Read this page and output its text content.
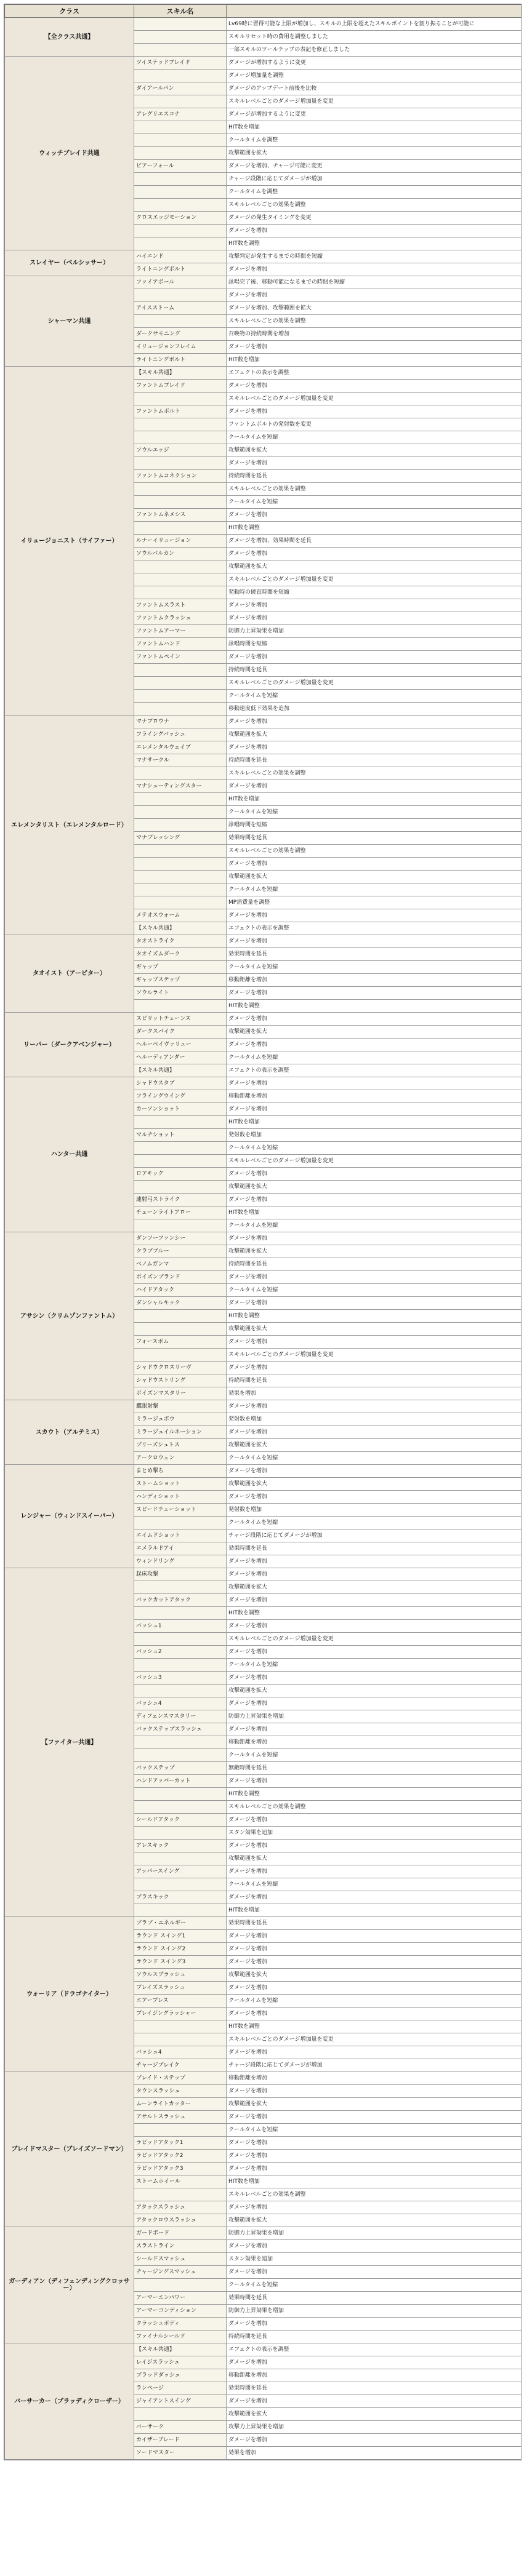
クラス	スキル名	
【全クラス共通】		Lv69時に習得可能な上限が増加し、スキルの上限を超えたスキルポイントを割り振ることが可能に
		スキルリセット時の費用を調整しました
		一部スキルのツールチップの表記を修正しました
ウィッチブレイド共通	ツイステッドブレイド	ダメージが増加するように変更
		ダメージ増加量を調整
	ダイアールパン	ダメージのアップデート前後を比較
		スキルレベルごとのダメージ増加量を変更
	アレグリエスコナ	ダメージが増加するように変更
		HIT数を増加
		クールタイムを調整
		攻撃範囲を拡大
	ビアーフォール	ダメージを増加、チャージ可能に変更
		チャージ段階に応じてダメージが増加
		クールタイムを調整
		スキルレベルごとの効果を調整
	クロスエッジモーション	ダメージの発生タイミングを変更
		ダメージを増加
		HIT数を調整
スレイヤー（ベルシッサー）	ハイエンド	攻撃判定が発生するまでの時間を短縮
	ライトニングボルト	ダメージを増加
シャーマン共通	ファイアボール	詠唱完了後、移動可能になるまでの時間を短縮
		ダメージを増加
	アイスストーム	ダメージを増加、攻撃範囲を拡大
		スキルレベルごとの効果を調整
	ダークサモニング	召喚物の持続時間を増加
	イリュージョンフレイム	ダメージを増加
	ライトニングボルト	HIT数を増加
イリュージョニスト（サイファー）	【スキル共通】	エフェクトの表示を調整
	ファントムブレイド	ダメージを増加
		スキルレベルごとのダメージ増加量を変更
	ファントムボルト	ダメージを増加
		ファントムボルトの発射数を変更
		クールタイムを短縮
	ソウルエッジ	攻撃範囲を拡大
		ダメージを増加
	ファントムコネクション	持続時間を延長
		スキルレベルごとの効果を調整
		クールタイムを短縮
	ファントムネメシス	ダメージを増加
		HIT数を調整
	ルナーイリュージョン	ダメージを増加、効果時間を延長
	ソウルバルカン	ダメージを増加
		攻撃範囲を拡大
		スキルレベルごとのダメージ増加量を変更
		発動時の硬直時間を短縮
	ファントムスラスト	ダメージを増加
	ファントムクラッシュ	ダメージを増加
	ファントムアーマー	防御力上昇効果を増加
	ファントムハンド	詠唱時間を短縮
	ファントムペイン	ダメージを増加
		持続時間を延長
		スキルレベルごとのダメージ増加量を変更
		クールタイムを短縮
		移動速度低下効果を追加
エレメンタリスト（エレメンタルロード）	マナブロウナ	ダメージを増加
	フライングバッシュ	攻撃範囲を拡大
	エレメンタルウェイブ	ダメージを増加
	マナサークル	持続時間を延長
		スキルレベルごとの効果を調整
	マナシューティングスター	ダメージを増加
		HIT数を増加
		クールタイムを短縮
		詠唱時間を短縮
	マナブレッシング	効果時間を延長
		スキルレベルごとの効果を調整
		ダメージを増加
		攻撃範囲を拡大
		クールタイムを短縮
		MP消費量を調整
	メテオスウォーム	ダメージを増加
	【スキル共通】	エフェクトの表示を調整
タオイスト（アービター）	タオストライク	ダメージを増加
	タオイズムダーク	効果時間を延長
	ギャップ	クールタイムを短縮
	ギャップステップ	移動距離を増加
	ソウルライト	ダメージを増加
		HIT数を調整
リーパー（ダークアベンジャー）	スピリットチェーンス	ダメージを増加
	ダークスパイク	攻撃範囲を拡大
	ヘルーペイヴァリュー	ダメージを増加
	ヘルーディアンダー	クールタイムを短縮
	【スキル共通】	エフェクトの表示を調整
ハンター共通	シャドウスタブ	ダメージを増加
	フライングウイング	移動距離を増加
	カーソンショット	ダメージを増加
		HIT数を増加
	マルチショット	発射数を増加
		クールタイムを短縮
		スキルレベルごとのダメージ増加量を変更
	ロアキック	ダメージを増加
		攻撃範囲を拡大
	連射弓ストライク	ダメージを増加
	チェーンライトアロー	HIT数を増加
		クールタイムを短縮
アサシン（クリムゾンファントム）	ダンソーファンシー	ダメージを増加
	クラブブルー	攻撃範囲を拡大
	ベノムガンマ	持続時間を延長
	ポイズンブランド	ダメージを増加
	ハイドアタック	クールタイムを短縮
	ダンシャルキック	ダメージを増加
		HIT数を調整
		攻撃範囲を拡大
	フォースボム	ダメージを増加
		スキルレベルごとのダメージ増加量を変更
	シャドウクロスリーヴ	ダメージを増加
	シャドウストリング	持続時間を延長
	ポイズンマスタリー	効果を増加
スカウト（アルテミス）	鷹眼射撃	ダメージを増加
	ミラージュボウ	発射数を増加
	ミラージュイルネーション	ダメージを増加
	ブリーズシュトス	攻撃範囲を拡大
	アークロウェン	クールタイムを短縮
レンジャー（ウィンドスイーパー）	まとめ撃ち	ダメージを増加
	ストームショット	攻撃範囲を拡大
	ハンディショット	ダメージを増加
	スピードチェーショット	発射数を増加
		クールタイムを短縮
	エイムドショット	チャージ段階に応じてダメージが増加
	エメラルドアイ	効果時間を延長
	ウィンドリング	ダメージを増加
【ファイター共通】	起床攻撃	ダメージを増加
		攻撃範囲を拡大
	バックカットアタック	ダメージを増加
		HIT数を調整
	バッシュ1	ダメージを増加
		スキルレベルごとのダメージ増加量を変更
	バッシュ2	ダメージを増加
		クールタイムを短縮
	バッシュ3	ダメージを増加
		攻撃範囲を拡大
	バッシュ4	ダメージを増加
	ディフェンスマスタリー	防御力上昇効果を増加
	バックステップスラッシュ	ダメージを増加
		移動距離を増加
		クールタイムを短縮
	バックステップ	無敵時間を延長
	ハンドアッパーカット	ダメージを増加
		HIT数を調整
		スキルレベルごとの効果を調整
	シールドアタック	ダメージを増加
		スタン効果を追加
	アレスキック	ダメージを増加
		攻撃範囲を拡大
	アッパースイング	ダメージを増加
		クールタイムを短縮
	ブラスキック	ダメージを増加
		HIT数を増加
ウォーリア（ドラゴナイター）	ブラブ・エネルギー	効果時間を延長
	ラウンド スイング1	ダメージを増加
	ラウンド スイング2	ダメージを増加
	ラウンド スイング3	ダメージを増加
	ソウルスプラッシュ	攻撃範囲を拡大
	ブレイズスラッシュ	ダメージを増加
	エアーブレス	クールタイムを短縮
	ブレイジングラッシャー	ダメージを増加
		HIT数を調整
		スキルレベルごとのダメージ増加量を変更
	バッシュ4	ダメージを増加
	チャージブレイク	チャージ段階に応じてダメージが増加
ブレイドマスター（ブレイズソードマン）	ブレイド・ステップ	移動距離を増加
	タウンスラッシュ	ダメージを増加
	ムーンライトカッター	攻撃範囲を拡大
	アサルトスラッシュ	ダメージを増加
		クールタイムを短縮
	ラピッドアタック1	ダメージを増加
	ラピッドアタック2	ダメージを増加
	ラピッドアタック3	ダメージを増加
	ストームホイール	HIT数を増加
		スキルレベルごとの効果を調整
	アタックスラッシュ	ダメージを増加
	アタックロウスラッシュ	攻撃範囲を拡大
ガーディアン（ディフェンディングクロッサー）	ガードボード	防御力上昇効果を増加
	スラストライン	ダメージを増加
	シールドスマッシュ	スタン効果を追加
	チャージングスマッシュ	ダメージを増加
		クールタイムを短縮
	アーマーエンパワー	効果時間を延長
	アーマーコンディション	防御力上昇効果を増加
	クラッシュボディ	ダメージを増加
	ファイナルシールド	持続時間を延長
バーサーカー（ブラッディクローザー）	【スキル共通】	エフェクトの表示を調整
	レイジスラッシュ	ダメージを増加
	ブラッドダッシュ	移動距離を増加
	ランページ	効果時間を延長
	ジャイアントスイング	ダメージを増加
		攻撃範囲を拡大
	バーサーク	攻撃力上昇効果を増加
	カイザーブレード	ダメージを増加
	ソードマスター	効果を増加
